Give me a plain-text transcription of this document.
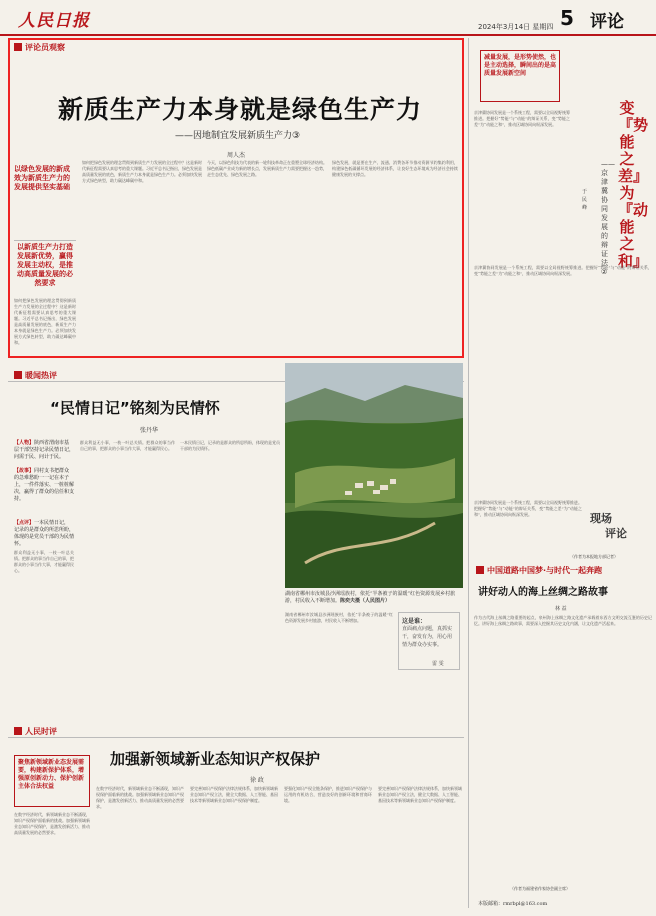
人民日报	2024年3月14日 星期四 5 评论
评论员观察
新质生产力本身就是绿色生产力
——因地制宜发展新质生产力③
周人杰
以绿色发展的新成效为新质生产力的发展提供坚实基础
以新质生产力打造发展新优势，赢得发展主动权，是推动高质量发展的必然要求
如何把绿色发展的理念贯彻到新质生产力发展的全过程中？这是新时代新征程需要认真思考的重大课题。习近平总书记指出，绿色发展是高质量发展的底色，新质生产力本身就是绿色生产力。必须加快发展方式绿色转型，助力碳达峰碳中和。
如何把绿色发展的理念贯彻到新质生产力发展的全过程中？这是新时代新征程需要认真思考的重大课题。习近平总书记指出，绿色发展是高质量发展的底色，新质生产力本身就是绿色生产力。必须加快发展方式绿色转型，助力碳达峰碳中和。
今天，以绿色科技为代表的新一轮科技革命正在重塑全球经济结构。绿色低碳产业成为新的增长点，发展新质生产力需要把握这一趋势，走生态优先、绿色发展之路。
绿色发展，就是要在生产、流通、消费各环节推动资源节约集约利用，构建绿色低碳循环发展的经济体系，让良好生态环境成为经济社会持续健康发展的支撑点。
暖闻热评
“民情日记”铭刻为民情怀
张丹华
【人物】陕西省渭南市基层干部坚持记录民情日记，问需于民、问计于民。
【故事】同村支书把群众的急难愁盼一一记在本子上，一件件落实、一桩桩解决，赢得了群众的信任和支持。
【点评】一本民情日记，记录的是群众的所思所盼，体现的是党员干部的为民情怀。
群众利益无小事，一枝一叶总关情。把群众的事当作自己的事，把群众的小事当作大事，才能赢得民心。
群众利益无小事，一枝一叶总关情。把群众的事当作自己的事，把群众的小事当作大事，才能赢得民心。
一本民情日记，记录的是群众的所思所盼，体现的是党员干部的为民情怀。
湖南省郴州市汝城县沙洲瑶族村，依托“半条被子的温暖”红色资源发展乡村旅游，村民收入不断增加。陈奕夫摄（人民图片）
湖南省郴州市汝城县沙洲瑶族村，依托“半条被子的温暖”红色资源发展乡村旅游，村民收入不断增加。	这是谁：
直面痛点问题，真抓实干，奋发有为，用心用情为群众办实事。
雷 雯
人民时评
加强新领域新业态知识产权保护
徐 政
聚焦新领域新业态发展需要，构建新保护体系，增强原创新动力、保护创新主体合法权益
在数字经济时代，新领域新业态不断涌现，知识产权保护面临新的挑战。加强新领域新业态知识产权保护，是激发创新活力、推动高质量发展的必然要求。
在数字经济时代，新领域新业态不断涌现，知识产权保护面临新的挑战。加强新领域新业态知识产权保护，是激发创新活力、推动高质量发展的必然要求。
要完善知识产权保护法律法规体系，加快新领域新业态知识产权立法，健全大数据、人工智能、基因技术等新领域新业态知识产权保护制度。
要强化知识产权全链条保护，推进知识产权保护与运用的有机结合，营造良好的创新环境和营商环境。
要完善知识产权保护法律法规体系，加快新领域新业态知识产权立法，健全大数据、人工智能、基因技术等新领域新业态知识产权保护制度。
减量发展，是形势使然，也是主动选择，瞬间出的是高质量发展新空间
变『势能之差』为『动能之和』
——京津冀协同发展的辩证法②
于 民 峰
京津冀协同发展是一个系统工程，需要以全局视野统筹推进。把握好“势能”与“动能”的辩证关系，变“势能之差”为“动能之和”，推动区域协同向纵深发展。
京津冀协同发展是一个系统工程，需要以全局视野统筹推进。把握好“势能”与“动能”的辩证关系，变“势能之差”为“动能之和”，推动区域协同向纵深发展。
现场
评论
京津冀协同发展是一个系统工程，需要以全局视野统筹推进。把握好“势能”与“动能”的辩证关系，变“势能之差”为“动能之和”，推动区域协同向纵深发展。
（作者为本报地方部记者）
中国道路中国梦·与时代一起奔跑
讲好动人的海上丝绸之路故事
林 益
作为古代海上丝绸之路重要的起点，泉州海上丝绸之路文化遗产承载着东西方文明交流互鉴的历史记忆。讲好海上丝绸之路故事，需要深入挖掘其历史文化内涵，让文化遗产活起来。
（作者为福建省作家协会副主席）
本版邮箱：rmrbpl@163.com
